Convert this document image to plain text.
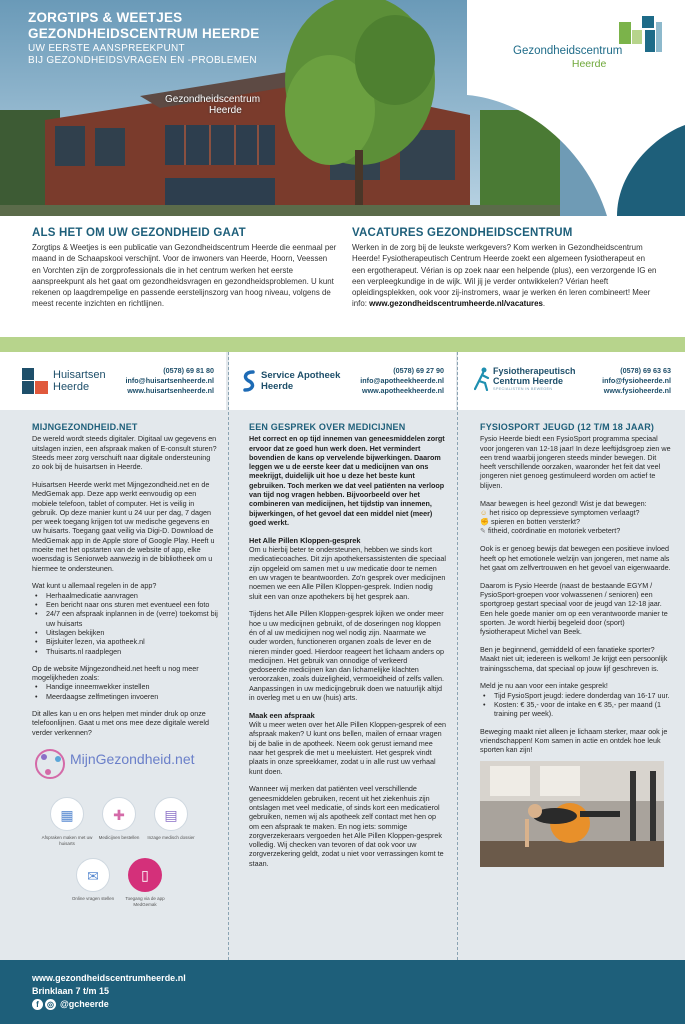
Gezondheidscentrum
Heerde
ZORGTIPS & WEETJES
GEZONDHEIDSCENTRUM HEERDE
UW EERSTE AANSPREEKPUNT
BIJ GEZONDHEIDSVRAGEN EN -PROBLEMEN
Gezondheidscentrum
Heerde
ALS HET OM UW GEZONDHEID GAAT

Zorgtips & Weetjes is een publicatie van Gezondheidscentrum Heerde die eenmaal per maand in de Schaapskooi verschijnt. Voor de inwoners van Heerde, Hoorn, Veessen en Vorchten zijn de zorgprofessionals die in het centrum werken het eerste aanspreekpunt als het gaat om gezondheidsvragen en gezondheidsproblemen. U kunt rekenen op laagdrempelige en passende eerstelijnszorg van hoog niveau, volgens de meest recente inzichten en richtlijnen.

VACATURES GEZONDHEIDSCENTRUM

Werken in de zorg bij de leukste werkgevers? Kom werken in Gezondheidscentrum Heerde! Fysiotherapeutisch Centrum Heerde zoekt een algemeen fysiotherapeut en een ergotherapeut. Vérian is op zoek naar een helpende (plus), een verzorgende IG en een verpleegkundige in de wijk. Wil jij je verder ontwikkelen? Vérian heeft opleidingsplekken, ook voor zij-instromers, waar je werken én leren combineert! Meer info: www.gezondheidscentrumheerde.nl/vacatures.

Huisartsen
Heerde
(0578) 69 81 80
info@huisartsenheerde.nl
www.huisartsenheerde.nl
MIJNGEZONDHEID.NET

De wereld wordt steeds digitaler. Digitaal uw gegevens en uitslagen inzien, een afspraak maken of E-consult sturen? Steeds meer zorg verschuift naar digitale ondersteuning zo ook bij de huisartsen in Heerde.

Huisartsen Heerde werkt met Mijngezondheid.net en de MedGemak app. Deze app werkt eenvoudig op een mobiele telefoon, tablet of computer. Het is veilig in gebruik. Op deze manier kunt u 24 uur per dag, 7 dagen per week toegang krijgen tot uw medische gegevens en uw huisarts. Toegang gaat veilig via Digi-D. Download de MedGemak app in de Apple store of Google Play. Heeft u moeite met het opstarten van de website of app, elke woensdag is Seniorweb aanwezig in de bibliotheek om u hiermee te ondersteunen.

Wat kunt u allemaal regelen in de app?
• Herhaalmedicatie aanvragen
• Een bericht naar ons sturen met eventueel een foto
• 24/7 een afspraak inplannen in de (verre) toekomst bij uw huisarts
• Uitslagen bekijken
• Bijsluiter lezen, via apotheek.nl
• Thuisarts.nl raadplegen
Op de website Mijngezondheid.net heeft u nog meer mogelijkheden zoals:
• Handige inneemwekker instellen
• Meerdaagse zelfmetingen invoeren

Dit alles kan u en ons helpen met minder druk op onze telefoonlijnen. Gaat u met ons mee deze digitale wereld verder verkennen?

MijnGezondheid.net
▦	✚	▤
Afspraken maken met uw huisarts
Medicijnen bestellen	Inzage medisch dossier
✉	▯
Online vragen stellen	Toegang via de app MedGemak
Service Apotheek
Heerde
(0578) 69 27 90
info@apotheekheerde.nl
www.apotheekheerde.nl
EEN GESPREK OVER MEDICIJNEN

Het correct en op tijd innemen van geneesmiddelen zorgt ervoor dat ze goed hun werk doen. Het vermindert bovendien de kans op vervelende bijwerkingen. Daarom leggen we u de eerste keer dat u medicijnen van ons meekrijgt, duidelijk uit hoe u deze het beste kunt gebruiken. Toch merken we dat veel patiënten na verloop van tijd nog vragen hebben. Bijvoorbeeld over het combineren van medicijnen, het tijdstip van innemen, bijwerkingen, of het gevoel dat een middel niet (meer) goed werkt.

Het Alle Pillen Kloppen-gesprek

Om u hierbij beter te ondersteunen, hebben we sinds kort medicatiecoaches. Dit zijn apothekersassistenten die speciaal zijn opgeleid om samen met u uw medicatie door te nemen en uw vragen te beantwoorden. Zo'n gesprek over medicijnen noemen we een Alle Pillen Kloppen-gesprek. Indien nodig sluit een van onze apothekers bij het gesprek aan.

Tijdens het Alle Pillen Kloppen-gesprek kijken we onder meer hoe u uw medicijnen gebruikt, of de doseringen nog kloppen én of al uw medicijnen nog wel nodig zijn. Naarmate we ouder worden, functioneren organen zoals de lever en de nieren minder goed. Hierdoor reageert het lichaam anders op medicijnen. Het gebruik van onnodige of verkeerd gedoseerde medicijnen kan dan lichamelijke klachten veroorzaken, zoals duizeligheid, vermoeidheid of zelfs vallen. Aanpassingen in uw medicijngebruik doen we natuurlijk altijd in overleg met u en uw (huis) arts.

Maak een afspraak

Wilt u meer weten over het Alle Pillen Kloppen-gesprek of een afspraak maken? U kunt ons bellen, mailen of ernaar vragen bij de balie in de apotheek. Neem ook gerust iemand mee naar het gesprek die met u meeluistert. Het gesprek vindt plaats in onze spreekkamer, zodat u in alle rust uw verhaal kunt doen.

Wanneer wij merken dat patiënten veel verschillende geneesmiddelen gebruiken, recent uit het ziekenhuis zijn ontslagen met veel medicatie, of sinds kort een medicatierol gebruiken, nemen wij als apotheek zelf contact met hen op om een afspraak te maken. En nog iets: sommige zorgverzekeraars vergoeden het Alle Pillen Kloppen-gesprek volledig. Wij checken van tevoren of dat ook voor uw zorgverzekering geldt, zodat u niet voor verrassingen komt te staan.

Fysiotherapeutisch
Centrum Heerde
SPECIALISTEN IN BEWEGEN
(0578) 69 63 63
info@fysioheerde.nl
www.fysioheerde.nl
FYSIOSPORT JEUGD (12 T/M 18 JAAR)

Fysio Heerde biedt een FysioSport programma speciaal voor jongeren van 12-18 jaar! In deze leeftijdsgroep zien we een trend waarbij jongeren steeds minder bewegen. Dit heeft verschillende oorzaken, waaronder het feit dat veel jongeren niet genoeg gestimuleerd worden om actief te blijven.

Maar bewegen is heel gezond! Wist je dat bewegen:
☺ het risico op depressieve symptomen verlaagt?
✊ spieren en botten versterkt?
✎ fitheid, coördinatie en motoriek verbetert?

Ook is er genoeg bewijs dat bewegen een positieve invloed heeft op het emotionele welzijn van jongeren, met name als het gaat om zelfvertrouwen en het gevoel van eigenwaarde.

Daarom is Fysio Heerde (naast de bestaande EGYM / FysioSport-groepen voor volwassenen / senioren) een sportgroep gestart speciaal voor de jeugd van 12-18 jaar. Een hele goede manier om op een verantwoorde manier te sporten. Je wordt hierbij begeleid door (sport) fysiotherapeut Michel van Beek.

Ben je beginnend, gemiddeld of een fanatieke sporter? Maakt niet uit; iedereen is welkom! Je krijgt een persoonlijk trainingsschema, dat speciaal op jouw lijf geschreven is.

Meld je nu aan voor een intake gesprek!
• Tijd FysioSport jeugd: iedere donderdag van 16-17 uur.
• Kosten: € 35,- voor de intake en € 35,- per maand (1 training per week).

Beweging maakt niet alleen je lichaam sterker, maar ook je vriendschappen! Kom samen in actie en ontdek hoe leuk sporten kan zijn!

www.gezondheidscentrumheerde.nl
Brinklaan 7 t/m 15
f	◎ @gcheerde
